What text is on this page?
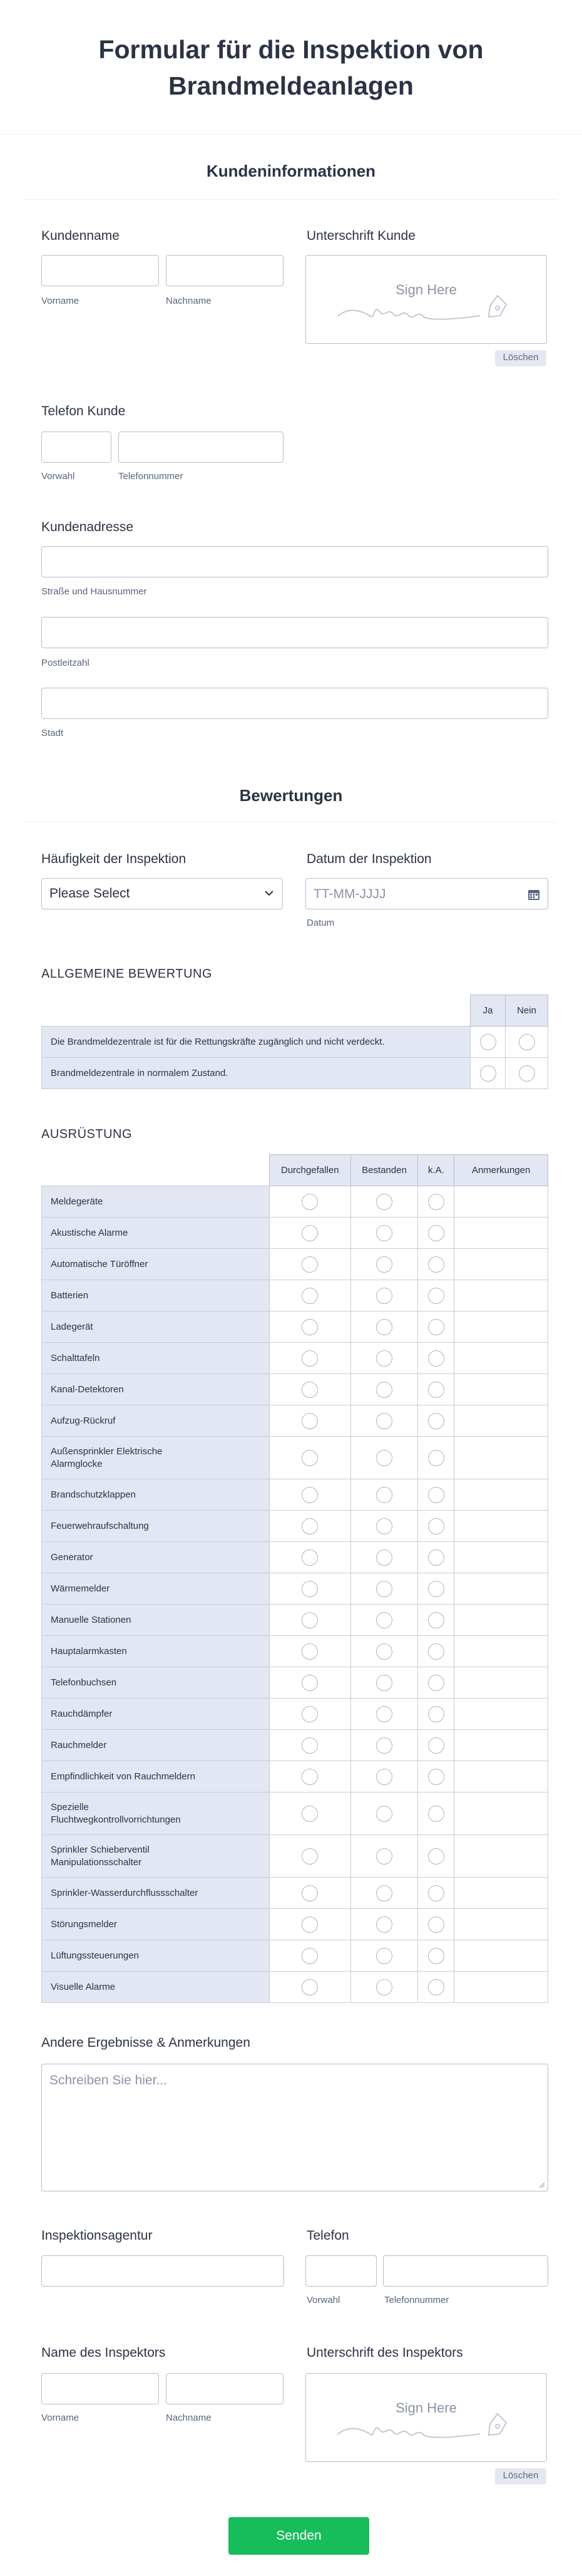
Formular für die Inspektion von Brandmeldeanlagen
Kundeninformationen
Kundenname
Vorname	Nachname
Unterschrift Kunde
Sign Here
Löschen
Telefon Kunde
Vorwahl	Telefonnummer
Kundenadresse
Straße und Hausnummer
Postleitzahl
Stadt
Bewertungen
Häufigkeit der Inspektion
Please Select
Datum der Inspektion
TT-MM-JJJJ
Datum
ALLGEMEINE BEWERTUNG
	Ja	Nein
Die Brandmeldezentrale ist für die Rettungskräfte zugänglich und nicht verdeckt.		
Brandmeldezentrale in normalem Zustand.		
AUSRÜSTUNG
	Durchgefallen	Bestanden	k.A.	Anmerkungen
Meldegeräte				
Akustische Alarme				
Automatische Türöffner				
Batterien				
Ladegerät				
Schalttafeln				
Kanal-Detektoren				
Aufzug-Rückruf				
Außensprinkler Elektrische Alarmglocke				
Brandschutzklappen				
Feuerwehraufschaltung				
Generator				
Wärmemelder				
Manuelle Stationen				
Hauptalarmkasten				
Telefonbuchsen				
Rauchdämpfer				
Rauchmelder				
Empfindlichkeit von Rauchmeldern				
Spezielle Fluchtwegkontrollvorrichtungen				
Sprinkler Schieberventil Manipulationsschalter				
Sprinkler-Wasserdurchflussschalter				
Störungsmelder				
Lüftungssteuerungen				
Visuelle Alarme				
Andere Ergebnisse & Anmerkungen
Schreiben Sie hier...
Inspektionsagentur	Telefon
Vorwahl	Telefonnummer
Name des Inspektors
Vorname	Nachname
Unterschrift des Inspektors
Sign Here
Löschen
Senden
